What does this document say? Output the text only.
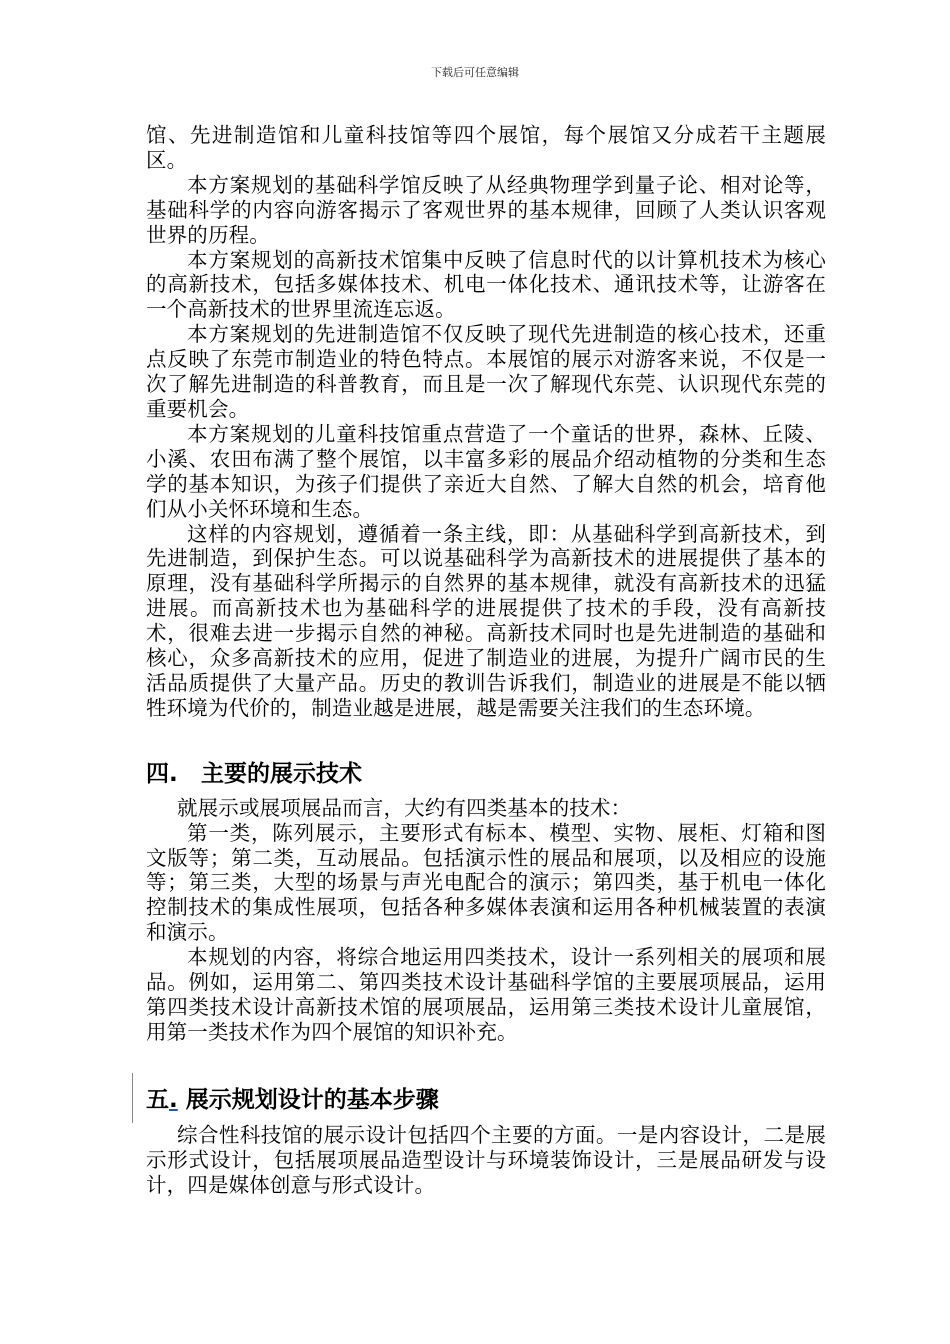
下载后可任意编辑

馆、先进制造馆和儿童科技馆等四个展馆，每个展馆又分成若干主题展区。

本方案规划的基础科学馆反映了从经典物理学到量子论、相对论等，基础科学的内容向游客揭示了客观世界的基本规律，回顾了人类认识客观世界的历程。

本方案规划的高新技术馆集中反映了信息时代的以计算机技术为核心的高新技术，包括多媒体技术、机电一体化技术、通讯技术等，让游客在一个高新技术的世界里流连忘返。

本方案规划的先进制造馆不仅反映了现代先进制造的核心技术，还重点反映了东莞市制造业的特色特点。本展馆的展示对游客来说，不仅是一次了解先进制造的科普教育，而且是一次了解现代东莞、认识现代东莞的重要机会。

本方案规划的儿童科技馆重点营造了一个童话的世界，森林、丘陵、小溪、农田布满了整个展馆，以丰富多彩的展品介绍动植物的分类和生态学的基本知识，为孩子们提供了亲近大自然、了解大自然的机会，培育他们从小关怀环境和生态。

这样的内容规划，遵循着一条主线，即：从基础科学到高新技术，到先进制造，到保护生态。可以说基础科学为高新技术的进展提供了基本的原理，没有基础科学所揭示的自然界的基本规律，就没有高新技术的迅猛进展。而高新技术也为基础科学的进展提供了技术的手段，没有高新技术，很难去进一步揭示自然的神秘。高新技术同时也是先进制造的基础和核心，众多高新技术的应用，促进了制造业的进展，为提升广阔市民的生活品质提供了大量产品。历史的教训告诉我们，制造业的进展是不能以牺牲环境为代价的，制造业越是进展，越是需要关注我们的生态环境。

四. 主要的展示技术

就展示或展项展品而言，大约有四类基本的技术：

第一类，陈列展示，主要形式有标本、模型、实物、展柜、灯箱和图文版等；第二类，互动展品。包括演示性的展品和展项，以及相应的设施等；第三类，大型的场景与声光电配合的演示；第四类，基于机电一体化控制技术的集成性展项，包括各种多媒体表演和运用各种机械装置的表演和演示。

本规划的内容，将综合地运用四类技术，设计一系列相关的展项和展品。例如，运用第二、第四类技术设计基础科学馆的主要展项展品，运用第四类技术设计高新技术馆的展项展品，运用第三类技术设计儿童展馆，用第一类技术作为四个展馆的知识补充。

五. 展示规划设计的基本步骤

综合性科技馆的展示设计包括四个主要的方面。一是内容设计，二是展示形式设计，包括展项展品造型设计与环境装饰设计，三是展品研发与设计，四是媒体创意与形式设计。
